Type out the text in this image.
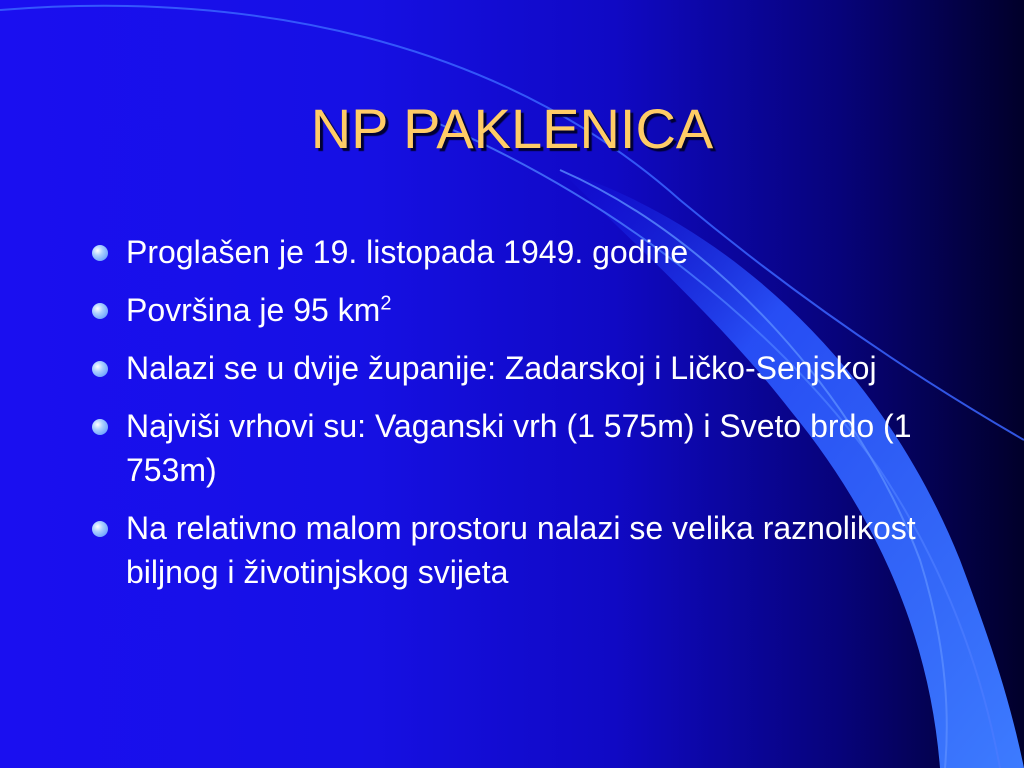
NP PAKLENICA
Proglašen je 19. listopada 1949. godine
Površina je 95 $km^2$
Nalazi se u dvije županije: Zadarskoj i Ličko-Senjskoj
Najviši vrhovi su: Vaganski vrh (1 575m) i Sveto brdo (1 753m)
Na relativno malom prostoru nalazi se velika raznolikost biljnog i životinjskog svijeta
